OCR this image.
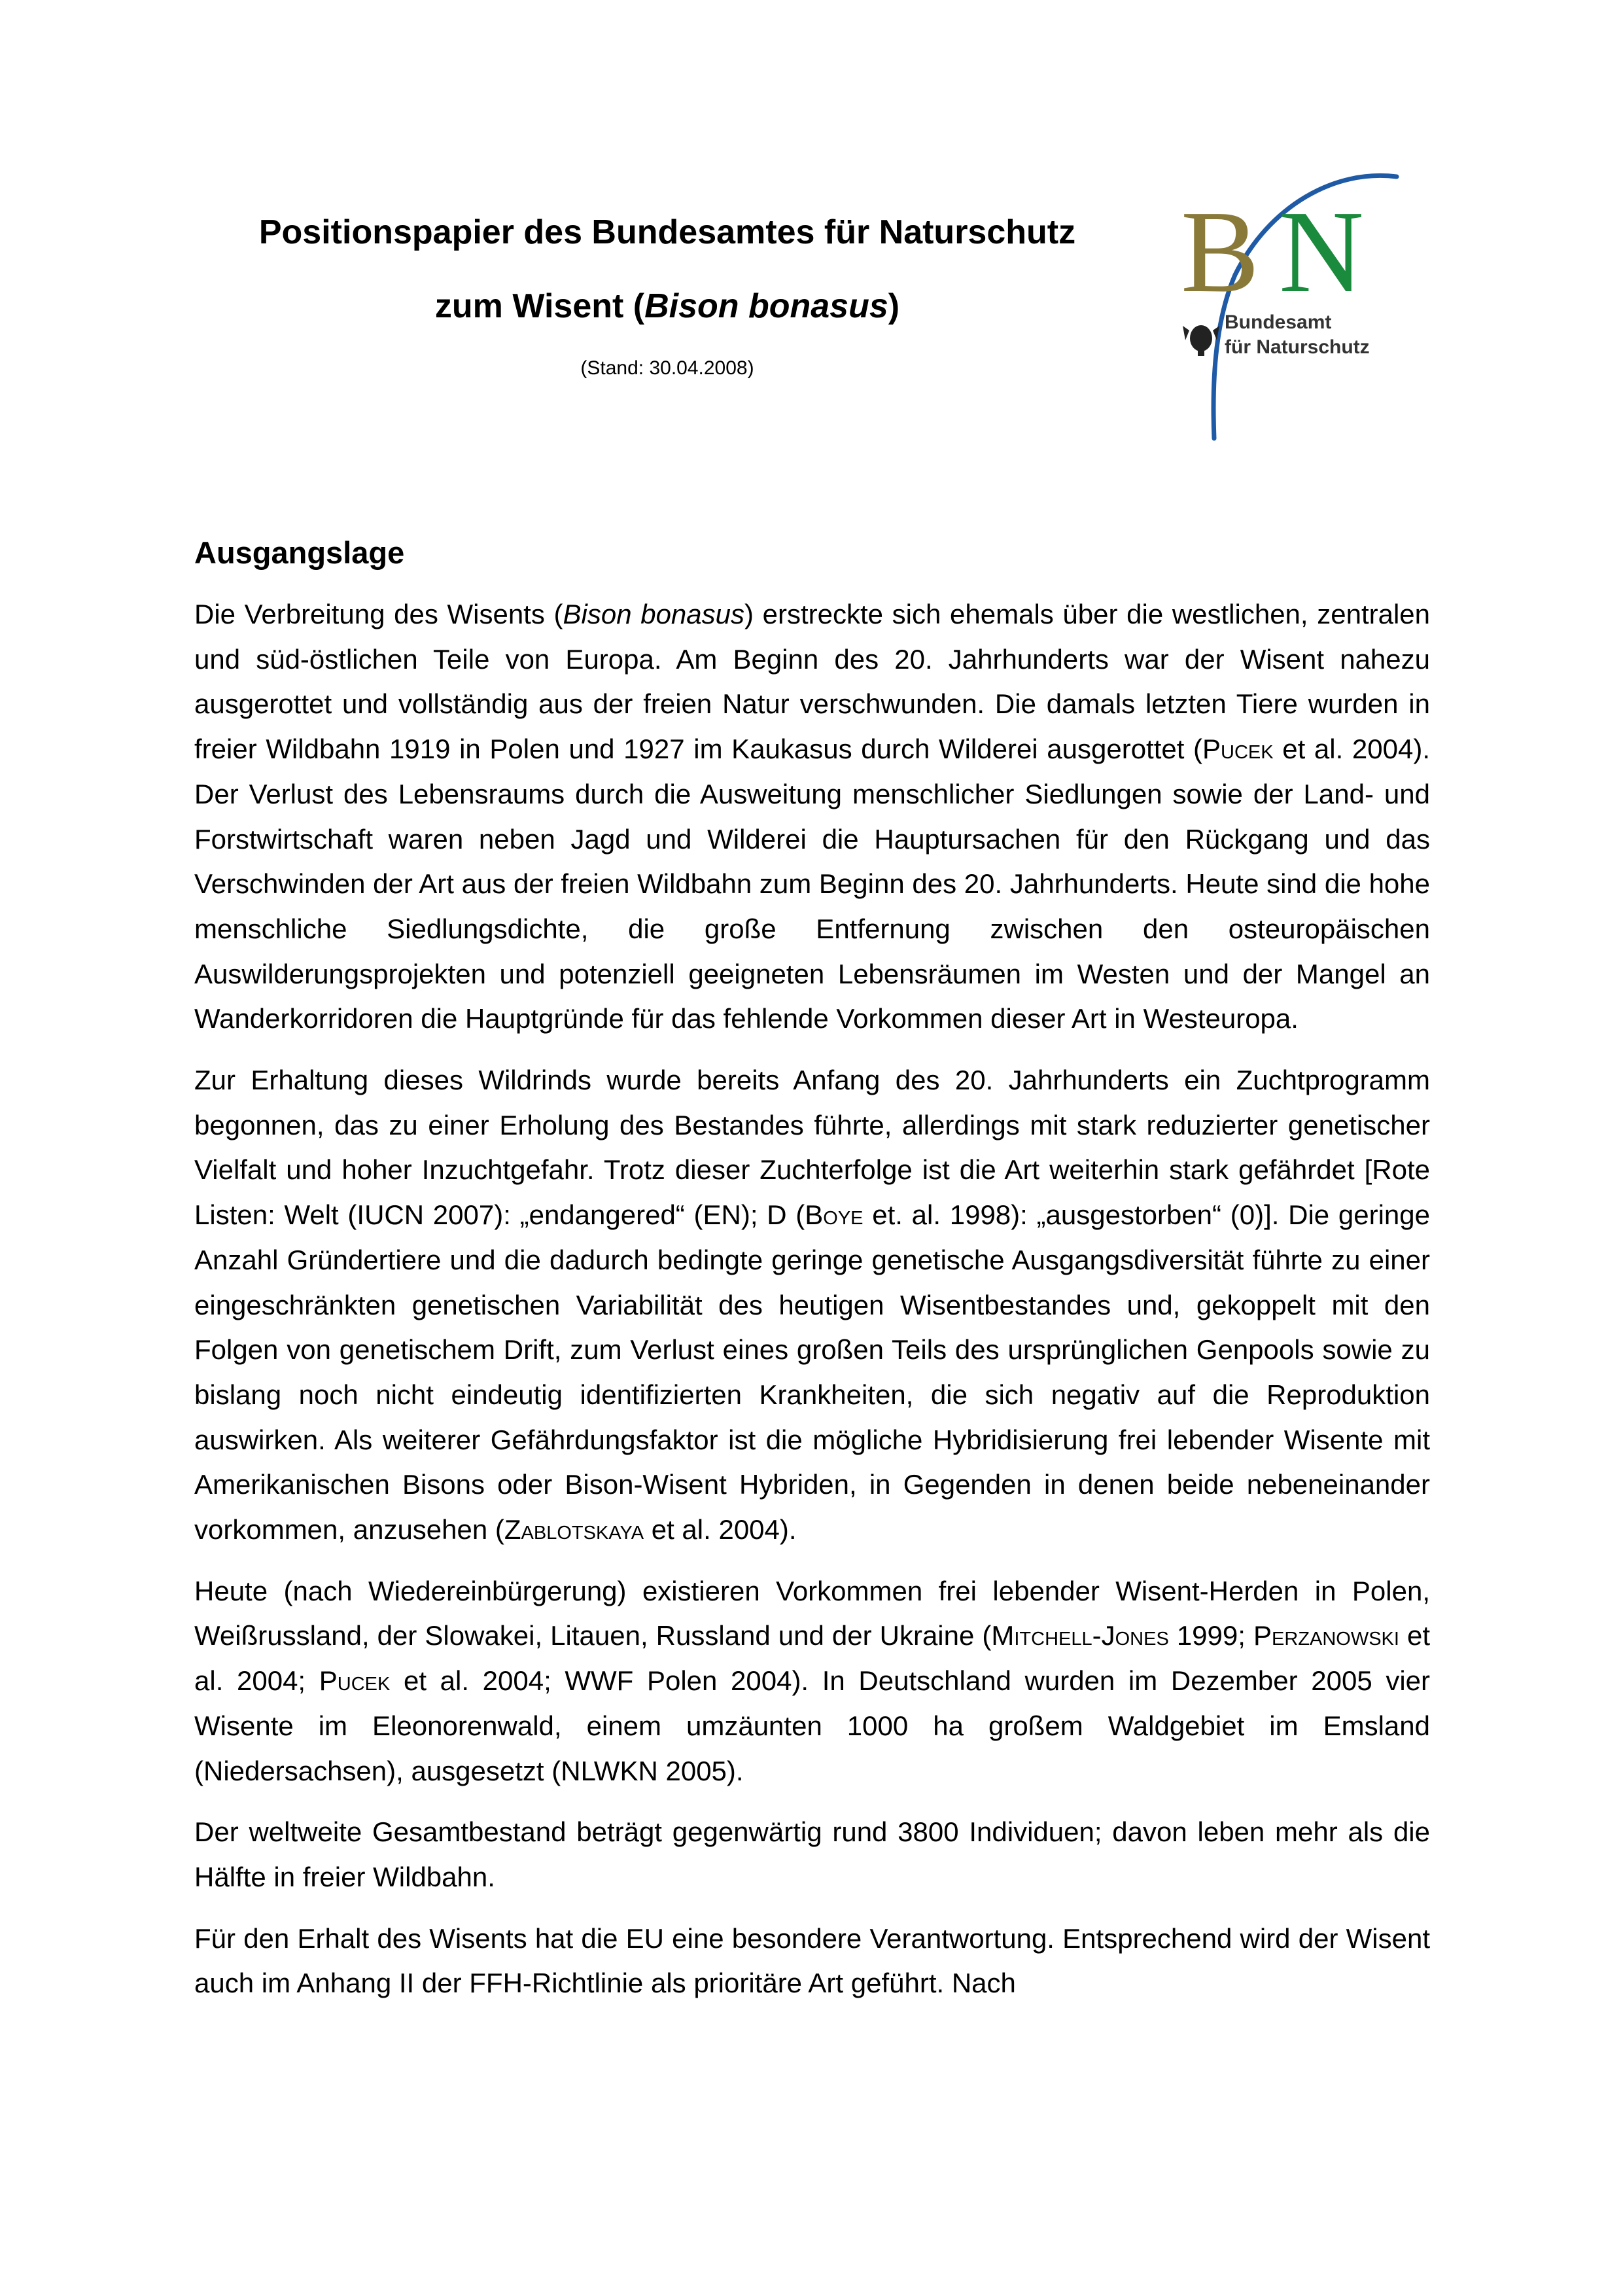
Positionspapier des Bundesamtes für Naturschutz
zum Wisent (Bison bonasus)
(Stand: 30.04.2008)
B N
Bundesamt
für Naturschutz
Ausgangslage

Die Verbreitung des Wisents (Bison bonasus) erstreckte sich ehemals über die westlichen, zentralen und süd-östlichen Teile von Europa. Am Beginn des 20. Jahrhunderts war der Wisent nahezu ausgerottet und vollständig aus der freien Natur verschwunden. Die damals letzten Tiere wurden in freier Wildbahn 1919 in Polen und 1927 im Kaukasus durch Wilderei ausgerottet (Pucek et al. 2004). Der Verlust des Lebensraums durch die Ausweitung menschlicher Siedlungen sowie der Land- und Forstwirtschaft waren neben Jagd und Wilderei die Hauptursachen für den Rückgang und das Verschwinden der Art aus der freien Wildbahn zum Beginn des 20. Jahrhunderts. Heute sind die hohe menschliche Siedlungsdichte, die große Entfernung zwischen den osteuropäischen Auswilderungsprojekten und potenziell geeigneten Lebensräumen im Westen und der Mangel an Wanderkorridoren die Hauptgründe für das fehlende Vorkommen dieser Art in Westeuropa.

Zur Erhaltung dieses Wildrinds wurde bereits Anfang des 20. Jahrhunderts ein Zuchtprogramm begonnen, das zu einer Erholung des Bestandes führte, allerdings mit stark reduzierter genetischer Vielfalt und hoher Inzuchtgefahr. Trotz dieser Zuchterfolge ist die Art weiterhin stark gefährdet [Rote Listen: Welt (IUCN 2007): „endangered“ (EN); D (Boye et. al. 1998): „ausgestorben“ (0)]. Die geringe Anzahl Gründertiere und die dadurch bedingte geringe genetische Ausgangsdiversität führte zu einer eingeschränkten genetischen Variabilität des heutigen Wisentbestandes und, gekoppelt mit den Folgen von genetischem Drift, zum Verlust eines großen Teils des ursprünglichen Genpools sowie zu bislang noch nicht eindeutig identifizierten Krankheiten, die sich negativ auf die Reproduktion auswirken. Als weiterer Gefährdungsfaktor ist die mögliche Hybridisierung frei lebender Wisente mit Amerikanischen Bisons oder Bison-Wisent Hybriden, in Gegenden in denen beide nebeneinander vorkommen, anzusehen (Zablotskaya et al. 2004).

Heute (nach Wiedereinbürgerung) existieren Vorkommen frei lebender Wisent-Herden in Polen, Weißrussland, der Slowakei, Litauen, Russland und der Ukraine (Mitchell-Jones 1999; Perzanowski et al. 2004; Pucek et al. 2004; WWF Polen 2004). In Deutschland wurden im Dezember 2005 vier Wisente im Eleonorenwald, einem umzäunten 1000 ha großem Waldgebiet im Emsland (Niedersachsen), ausgesetzt (NLWKN 2005).

Der weltweite Gesamtbestand beträgt gegenwärtig rund 3800 Individuen; davon leben mehr als die Hälfte in freier Wildbahn.

Für den Erhalt des Wisents hat die EU eine besondere Verantwortung. Entsprechend wird der Wisent auch im Anhang II der FFH-Richtlinie als prioritäre Art geführt. Nach
